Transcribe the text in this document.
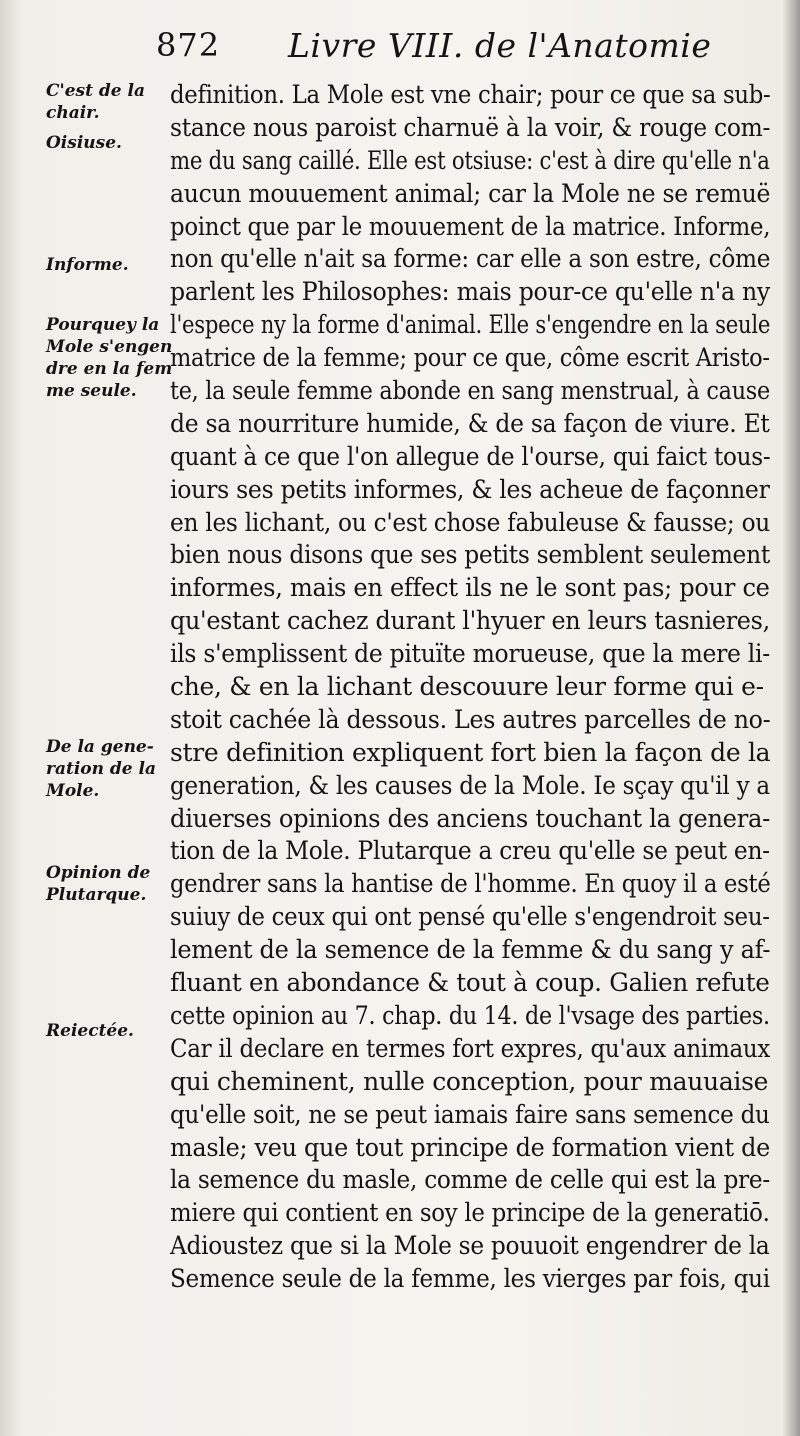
872 Livre VIII. de l'Anatomie
C'est de la
chair.
Oisiuse.
Informe.
Pourquey la
Mole s'engen
dre en la fem
me seule.
De la gene-
ration de la
Mole.
Opinion de
Plutarque.
Reiectée.
definition. La Mole est vne chair; pour ce que sa sub-
stance nous paroist charnuë à la voir, & rouge com-
me du sang caillé. Elle est otsiuse: c'est à dire qu'elle n'a
aucun mouuement animal; car la Mole ne se remuë
poinct que par le mouuement de la matrice. Informe,
non qu'elle n'ait sa forme: car elle a son estre, côme
parlent les Philosophes: mais pour-ce qu'elle n'a ny
l'espece ny la forme d'animal. Elle s'engendre en la seule
matrice de la femme; pour ce que, côme escrit Aristo-
te, la seule femme abonde en sang menstrual, à cause
de sa nourriture humide, & de sa façon de viure. Et
quant à ce que l'on allegue de l'ourse, qui faict tous-
iours ses petits informes, & les acheue de façonner
en les lichant, ou c'est chose fabuleuse & fausse; ou
bien nous disons que ses petits semblent seulement
informes, mais en effect ils ne le sont pas; pour ce
qu'estant cachez durant l'hyuer en leurs tasnieres,
ils s'emplissent de pituïte morueuse, que la mere li-
che, & en la lichant descouure leur forme qui e-
stoit cachée là dessous. Les autres parcelles de no-
stre definition expliquent fort bien la façon de la
generation, & les causes de la Mole. Ie sçay qu'il y a
diuerses opinions des anciens touchant la genera-
tion de la Mole. Plutarque a creu qu'elle se peut en-
gendrer sans la hantise de l'homme. En quoy il a esté
suiuy de ceux qui ont pensé qu'elle s'engendroit seu-
lement de la semence de la femme & du sang y af-
fluant en abondance & tout à coup. Galien refute
cette opinion au 7. chap. du 14. de l'vsage des parties.
Car il declare en termes fort expres, qu'aux animaux
qui cheminent, nulle conception, pour mauuaise
qu'elle soit, ne se peut iamais faire sans semence du
masle; veu que tout principe de formation vient de
la semence du masle, comme de celle qui est la pre-
miere qui contient en soy le principe de la generatiō.
Adioustez que si la Mole se pouuoit engendrer de la
Semence seule de la femme, les vierges par fois, qui
